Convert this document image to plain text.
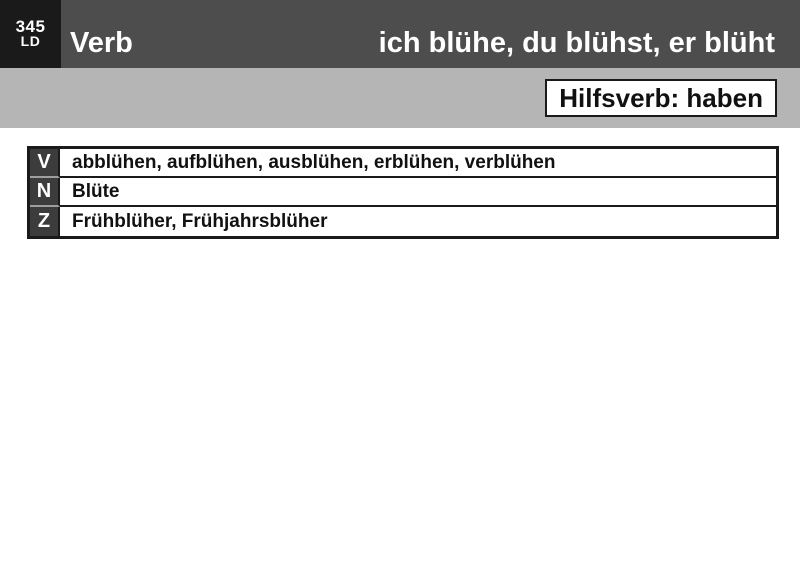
345
LD Verb	ich blühe, du blühst, er blüht
Hilfsverb: haben
V	abblühen, aufblühen, ausblühen, erblühen, verblühen
N	Blüte
Z	Frühblüher, Frühjahrsblüher
